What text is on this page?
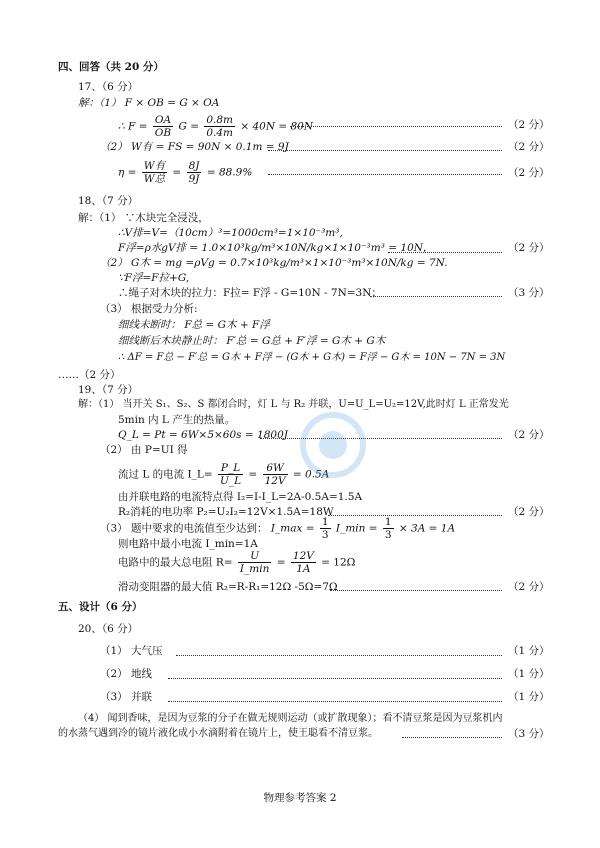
四、回答（共 20 分）
17、（6 分）
解：（1） F × OB = G × OA
∴ $F = \frac{OA}{OB}$ $G = \frac{0.8m}{0.4m} \times 40N = 80N$	（2 分）
（2） W有 = FS = 90N × 0.1m = 9J	（2 分）
η =
W有
W总
= $\frac{8J}{9J} = 88.9\%$	（2 分）
18、（7 分）
解：（1） ∵木块完全浸没，
∴V排=V=（10cm）³=1000cm³=1×10⁻³m³,
F浮=ρ水gV排 = 1.0×10³kg/m³×10N/kg×1×10⁻³m³ = 10N，	（2 分）
（2） G木 = mg =ρVg = 0.7×10³kg/m³×1×10⁻³m³×10N/kg = 7N.
∵F浮=F拉+G,
∴绳子对木块的拉力：F拉= F浮 - G=10N - 7N=3N；	（3 分）
（3） 根据受力分析:
细线未断时： F总 = G木 + F浮
细线断后木块静止时： F′总 = G总 + F′浮 = G木 + G木
∴ ΔF = F总 − F′总 = G木 + F浮 − (G木 + G木) = F浮 − G木 = 10N − 7N = 3N
……（2 分）
19、（7 分）
解：（1） 当开关 S₁、S₂、S 都闭合时，灯 L 与 R₂ 并联，U=U_L=U₂=12V,此时灯 L 正常发光
5min 内 L 产生的热量。
Q_L = Pt = 6W×5×60s = 1800J	（2 分）
（2） 由 P=UI 得
流过 L 的电流 I_L= $\frac{P\_L}{U\_L} = \frac{6W}{12V} = 0.5A$
由并联电路的电流特点得 I₂=I-I_L=2A-0.5A=1.5A
R₂消耗的电功率 P₂=U₂I₂=12V×1.5A=18W	（2 分）
（3） 题中要求的电流值至少达到： I_max = $\frac{1}{3}$ I_min = $\frac{1}{3} \times 3A = 1A$
则电路中最小电流 I_min=1A
电路中的最大总电阻 R=
U
I_min
= $\frac{12V}{1A} = 12\Omega$
滑动变阻器的最大值 R₂=R-R₁=12Ω -5Ω=7Ω	（2 分）
五、设计（6 分）
20、（6 分）
（1） 大气压	（1 分）
（2） 地线	（1 分）
（3） 并联	（1 分）
（4） 闻到香味，是因为豆浆的分子在做无规则运动（或扩散现象）；看不清豆浆是因为豆浆机内
的水蒸气遇到冷的镜片液化成小水滴附着在镜片上，使王聪看不清豆浆。	（3 分）
物理参考答案 2
